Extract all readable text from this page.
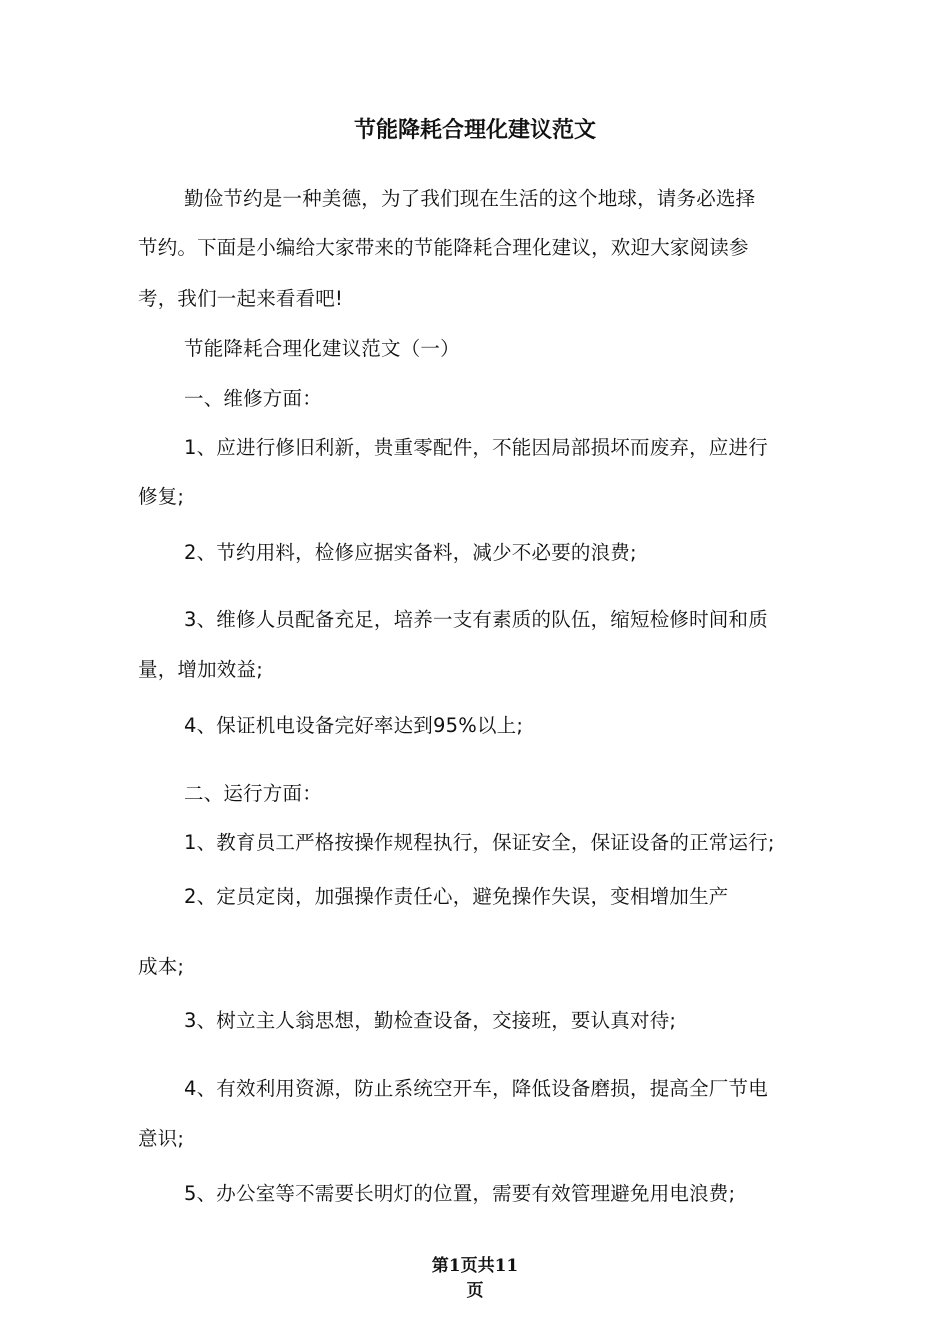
节能降耗合理化建议范文
勤俭节约是一种美德，为了我们现在生活的这个地球，请务必选择
节约。下面是小编给大家带来的节能降耗合理化建议，欢迎大家阅读参
考，我们一起来看看吧!
节能降耗合理化建议范文（一）
一、维修方面：
1、应进行修旧利新，贵重零配件，不能因局部损坏而废弃，应进行
修复;
2、节约用料，检修应据实备料，减少不必要的浪费;
3、维修人员配备充足，培养一支有素质的队伍，缩短检修时间和质
量，增加效益;
4、保证机电设备完好率达到95%以上;
二、运行方面：
1、教育员工严格按操作规程执行，保证安全，保证设备的正常运行;
2、定员定岗，加强操作责任心，避免操作失误，变相增加生产
成本;
3、树立主人翁思想，勤检查设备，交接班，要认真对待;
4、有效利用资源，防止系统空开车，降低设备磨损，提高全厂节电
意识;
5、办公室等不需要长明灯的位置，需要有效管理避免用电浪费;
第1页共11
页
